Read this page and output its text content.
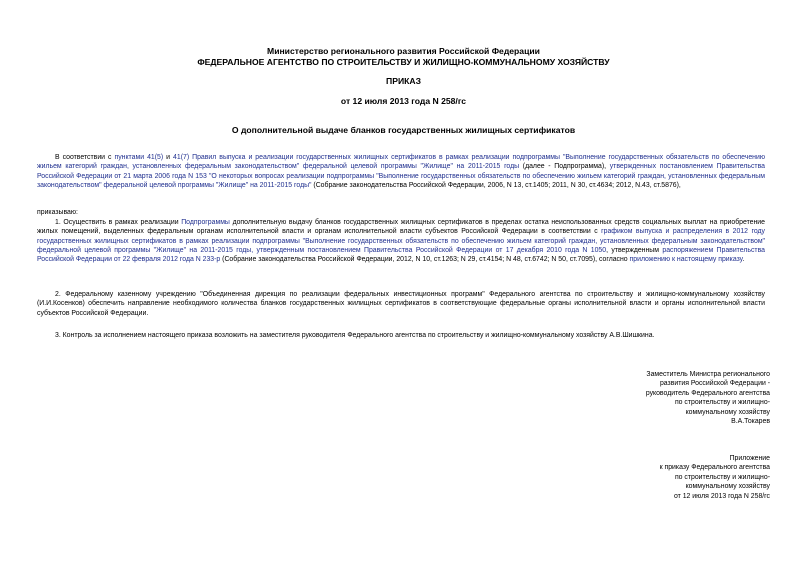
Министерство регионального развития Российской Федерации
ФЕДЕРАЛЬНОЕ АГЕНТСТВО ПО СТРОИТЕЛЬСТВУ И ЖИЛИЩНО-КОММУНАЛЬНОМУ ХОЗЯЙСТВУ
ПРИКАЗ
от 12 июля 2013 года N 258/гс
О дополнительной выдаче бланков государственных жилищных сертификатов

В соответствии с пунктами 41(5) и 41(7) Правил выпуска и реализации государственных жилищных сертификатов в рамках реализации подпрограммы "Выполнение государственных обязательств по обеспечению жильем категорий граждан, установленных федеральным законодательством" федеральной целевой программы "Жилище" на 2011-2015 годы (далее - Подпрограмма), утвержденных постановлением Правительства Российской Федерации от 21 марта 2006 года N 153 "О некоторых вопросах реализации подпрограммы "Выполнение государственных обязательств по обеспечению жильем категорий граждан, установленных федеральным законодательством" федеральной целевой программы "Жилище" на 2011-2015 годы" (Собрание законодательства Российской Федерации, 2006, N 13, ст.1405; 2011, N 30, ст.4634; 2012, N.43, ст.5876),

приказываю:

1. Осуществить в рамках реализации Подпрограммы дополнительную выдачу бланков государственных жилищных сертификатов в пределах остатка неиспользованных средств социальных выплат на приобретение жилых помещений, выделенных федеральным органам исполнительной власти и органам исполнительной власти субъектов Российской Федерации в соответствии с графиком выпуска и распределения в 2012 году государственных жилищных сертификатов в рамках реализации подпрограммы "Выполнение государственных обязательств по обеспечению жильем категорий граждан, установленных федеральным законодательством" федеральной целевой программы "Жилище" на 2011-2015 годы, утвержденным постановлением Правительства Российской Федерации от 17 декабря 2010 года N 1050, утвержденным распоряжением Правительства Российской Федерации от 22 февраля 2012 года N 233-р (Собрание законодательства Российской Федерации, 2012, N 10, ст.1263; N 29, ст.4154; N 48, ст.6742; N 50, ст.7095), согласно приложению к настоящему приказу.

2. Федеральному казенному учреждению "Объединенная дирекция по реализации федеральных инвестиционных программ" Федерального агентства по строительству и жилищно-коммунальному хозяйству (И.И.Косенков) обеспечить направление необходимого количества бланков государственных жилищных сертификатов в соответствующие федеральные органы исполнительной власти и органы исполнительной власти субъектов Российской Федерации.

3. Контроль за исполнением настоящего приказа возложить на заместителя руководителя Федерального агентства по строительству и жилищно-коммунальному хозяйству А.В.Шишкина.

Заместитель Министра регионального
развития Российской Федерации -
руководитель Федерального агентства
по строительству и жилищно-
коммунальному хозяйству
В.А.Токарев
Приложение
к приказу Федерального агентства
по строительству и жилищно-
коммунальному хозяйству
от 12 июля 2013 года N 258/гс
